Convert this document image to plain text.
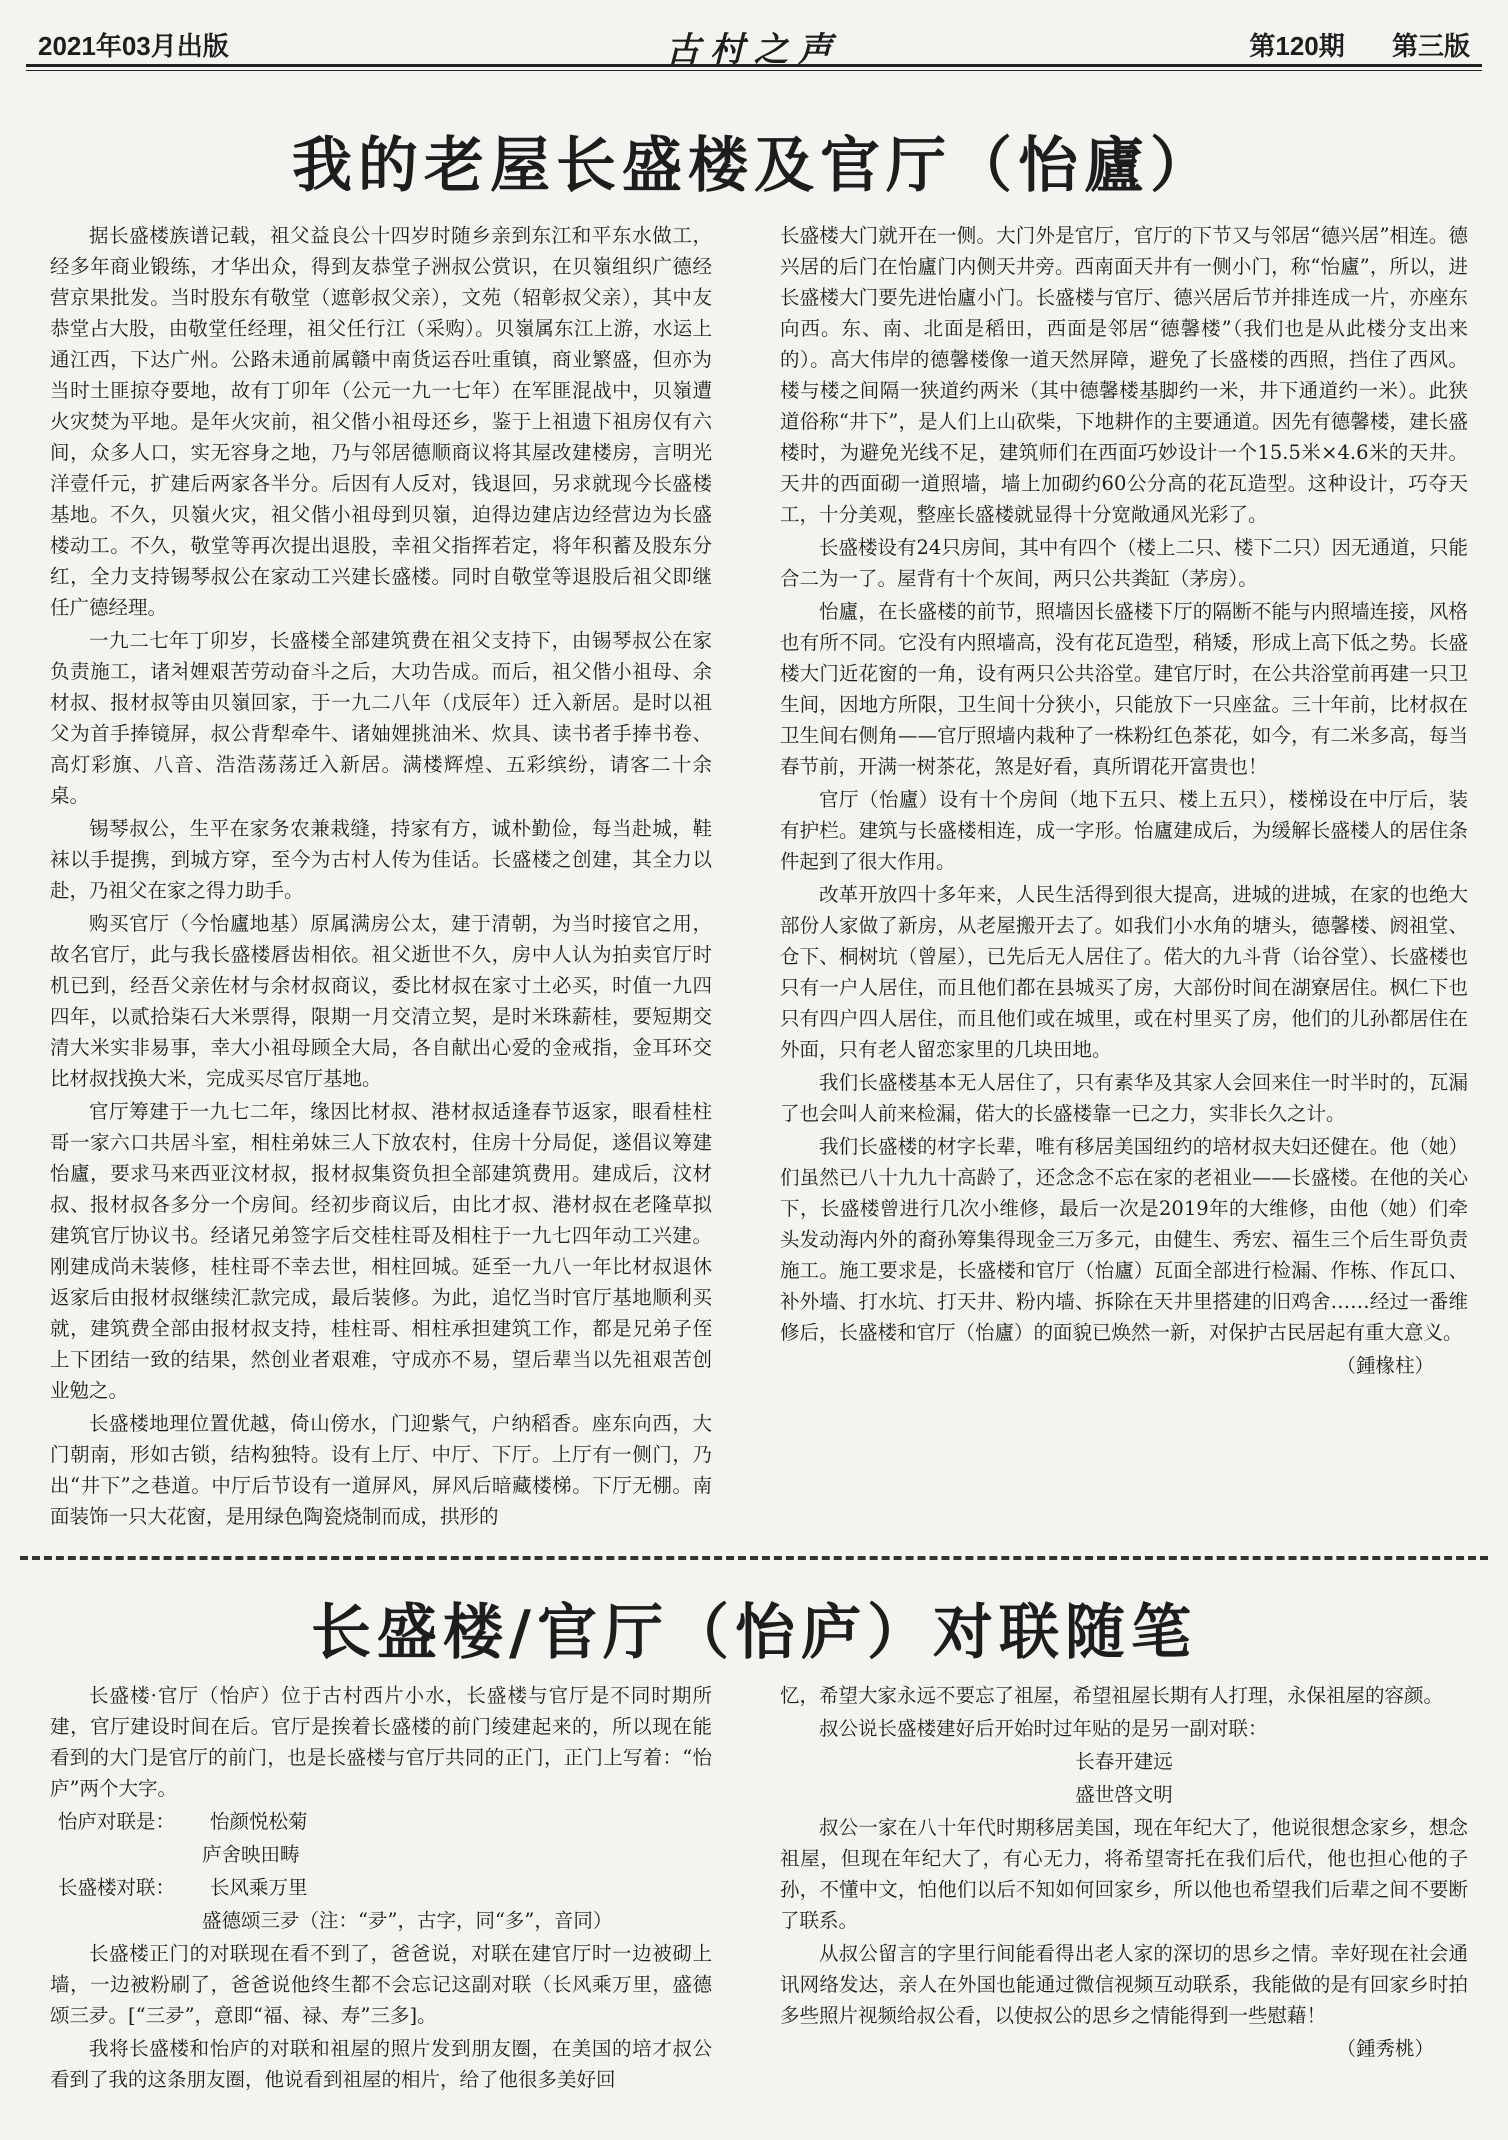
2021年03月出版	古村之声	第120期 第三版
我的老屋长盛楼及官厅（怡廬）

据长盛楼族谱记载，祖父益良公十四岁时随乡亲到东江和平东水做工，经多年商业锻练，才华出众，得到友恭堂子洲叔公赏识，在贝嶺组织广德经营京果批发。当时股东有敬堂（遮彰叔父亲），文苑（轺彰叔父亲），其中友恭堂占大股，由敬堂任经理，祖父任行江（采购）。贝嶺属东江上游，水运上通江西，下达广州。公路未通前属赣中南货运吞吐重镇，商业繁盛，但亦为当时土匪掠夺要地，故有丁卯年（公元一九一七年）在军匪混战中，贝嶺遭火灾焚为平地。是年火灾前，祖父偕小祖母还乡，鉴于上祖遗下祖房仅有六间，众多人口，实无容身之地，乃与邻居德顺商议将其屋改建楼房，言明光洋壹仟元，扩建后两家各半分。后因有人反对，钱退回，另求就现今长盛楼基地。不久，贝嶺火灾，祖父偕小祖母到贝嶺，迫得边建店边经营边为长盛楼动工。不久，敬堂等再次提出退股，幸祖父指挥若定，将年积蓄及股东分红，全力支持锡琴叔公在家动工兴建长盛楼。同时自敬堂等退股后祖父即继任广德经理。

一九二七年丁卯岁，长盛楼全部建筑费在祖父支持下，由锡琴叔公在家负责施工，诸쳐娌艰苦劳动奋斗之后，大功告成。而后，祖父偕小祖母、余材叔、报材叔等由贝嶺回家，于一九二八年（戊辰年）迁入新居。是时以祖父为首手捧镜屏，叔公背犁牵牛、诸妯娌挑油米、炊具、读书者手捧书卷、高灯彩旗、八音、浩浩荡荡迁入新居。满楼辉煌、五彩缤纷，请客二十余桌。

锡琴叔公，生平在家务农兼栽缝，持家有方，诚朴勤俭，每当赴城，鞋袜以手提携，到城方穿，至今为古村人传为佳话。长盛楼之创建，其全力以赴，乃祖父在家之得力助手。

购买官厅（今怡廬地基）原属满房公太，建于清朝，为当时接官之用，故名官厅，此与我长盛楼唇齿相依。祖父逝世不久，房中人认为拍卖官厅时机已到，经吾父亲佐材与余材叔商议，委比材叔在家寸土必买，时值一九四四年，以贰拾柒石大米票得，限期一月交清立契，是时米珠薪桂，要短期交清大米实非易事，幸大小祖母顾全大局，各自献出心爱的金戒指，金耳环交比材叔找换大米，完成买尽官厅基地。

官厅筹建于一九七二年，缘因比材叔、港材叔适逢春节返家，眼看桂柱哥一家六口共居斗室，相柱弟妹三人下放农村，住房十分局促，遂倡议筹建怡廬，要求马来西亚汶材叔，报材叔集资负担全部建筑费用。建成后，汶材叔、报材叔各多分一个房间。经初步商议后，由比才叔、港材叔在老隆草拟建筑官厅协议书。经诸兄弟签字后交桂柱哥及相柱于一九七四年动工兴建。刚建成尚未装修，桂柱哥不幸去世，相柱回城。延至一九八一年比材叔退休返家后由报材叔继续汇款完成，最后装修。为此，追忆当时官厅基地顺利买就，建筑费全部由报材叔支持，桂柱哥、相柱承担建筑工作，都是兄弟子侄上下团结一致的结果，然创业者艰难，守成亦不易，望后辈当以先祖艰苦创业勉之。

长盛楼地理位置优越，倚山傍水，门迎紫气，户纳稻香。座东向西，大门朝南，形如古锁，结构独特。设有上厅、中厅、下厅。上厅有一侧门，乃出“井下”之巷道。中厅后节设有一道屏风，屏风后暗藏楼梯。下厅无棚。南面装饰一只大花窗，是用绿色陶瓷烧制而成，拱形的

长盛楼大门就开在一侧。大门外是官厅，官厅的下节又与邻居“德兴居”相连。德兴居的后门在怡廬门内侧天井旁。西南面天井有一侧小门，称“怡廬”，所以，进长盛楼大门要先进怡廬小门。长盛楼与官厅、德兴居后节并排连成一片，亦座东向西。东、南、北面是稻田，西面是邻居“德馨楼”（我们也是从此楼分支出来的）。高大伟岸的德馨楼像一道天然屏障，避免了长盛楼的西照，挡住了西风。楼与楼之间隔一狭道约两米（其中德馨楼基脚约一米，井下通道约一米）。此狭道俗称“井下”，是人们上山砍柴，下地耕作的主要通道。因先有德馨楼，建长盛楼时，为避免光线不足，建筑师们在西面巧妙设计一个15.5米×4.6米的天井。天井的西面砌一道照墙，墙上加砌约60公分高的花瓦造型。这种设计，巧夺天工，十分美观，整座长盛楼就显得十分宽敞通风光彩了。

长盛楼设有24只房间，其中有四个（楼上二只、楼下二只）因无通道，只能合二为一了。屋背有十个灰间，两只公共粪缸（茅房）。

怡廬，在长盛楼的前节，照墙因长盛楼下厅的隔断不能与内照墙连接，风格也有所不同。它没有内照墙高，没有花瓦造型，稍矮，形成上高下低之势。长盛楼大门近花窗的一角，设有两只公共浴堂。建官厅时，在公共浴堂前再建一只卫生间，因地方所限，卫生间十分狭小，只能放下一只座盆。三十年前，比材叔在卫生间右侧角——官厅照墙内栽种了一株粉红色茶花，如今，有二米多高，每当春节前，开满一树茶花，煞是好看，真所谓花开富贵也！

官厅（怡廬）设有十个房间（地下五只、楼上五只），楼梯设在中厅后，装有护栏。建筑与长盛楼相连，成一字形。怡廬建成后，为缓解长盛楼人的居住条件起到了很大作用。

改革开放四十多年来，人民生活得到很大提高，进城的进城，在家的也绝大部份人家做了新房，从老屋搬开去了。如我们小水角的塘头，德馨楼、阏祖堂、仓下、桐树坑（曾屋），已先后无人居住了。偌大的九斗背（诒谷堂）、长盛楼也只有一户人居住，而且他们都在县城买了房，大部份时间在湖寮居住。枫仁下也只有四户四人居住，而且他们或在城里，或在村里买了房，他们的儿孙都居住在外面，只有老人留恋家里的几块田地。

我们长盛楼基本无人居住了，只有素华及其家人会回来住一时半时的，瓦漏了也会叫人前来检漏，偌大的长盛楼靠一已之力，实非长久之计。

我们长盛楼的材字长辈，唯有移居美国纽约的培材叔夫妇还健在。他（她）们虽然已八十九九十高龄了，还念念不忘在家的老祖业——长盛楼。在他的关心下，长盛楼曾进行几次小维修，最后一次是2019年的大维修，由他（她）们牵头发动海内外的裔孙筹集得现金三万多元，由健生、秀宏、福生三个后生哥负责施工。施工要求是，长盛楼和官厅（怡廬）瓦面全部进行检漏、作栋、作瓦口、补外墙、打水坑、打天井、粉内墙、拆除在天井里搭建的旧鸡舍……经过一番维修后，长盛楼和官厅（怡廬）的面貌已焕然一新，对保护古民居起有重大意义。

（鍾椽柱）

长盛楼/官厅（怡庐）对联随笔

长盛楼·官厅（怡庐）位于古村西片小水，长盛楼与官厅是不同时期所建，官厅建设时间在后。官厅是挨着长盛楼的前门绫建起来的，所以现在能看到的大门是官厅的前门，也是长盛楼与官厅共同的正门，正门上写着：“怡庐”两个大字。

怡庐对联是： 怡颜悦松菊

庐舍映田畴

长盛楼对联： 长风乘万里

盛德颂三夛（注：“夛”，古字，同“多”，音同）

长盛楼正门的对联现在看不到了，爸爸说，对联在建官厅时一边被砌上墙，一边被粉刷了，爸爸说他终生都不会忘记这副对联（长风乘万里，盛德颂三夛。[“三夛”，意即“福、禄、寿”三多]。

我将长盛楼和怡庐的对联和祖屋的照片发到朋友圈，在美国的培才叔公看到了我的这条朋友圈，他说看到祖屋的相片，给了他很多美好回

忆，希望大家永远不要忘了祖屋，希望祖屋长期有人打理，永保祖屋的容颜。

叔公说长盛楼建好后开始时过年贴的是另一副对联：

长春开建远

盛世啓文明

叔公一家在八十年代时期移居美国，现在年纪大了，他说很想念家乡，想念祖屋，但现在年纪大了，有心无力，将希望寄托在我们后代，他也担心他的子孙，不懂中文，怕他们以后不知如何回家乡，所以他也希望我们后辈之间不要断了联系。

从叔公留言的字里行间能看得出老人家的深切的思乡之情。幸好现在社会通讯网络发达，亲人在外国也能通过微信视频互动联系，我能做的是有回家乡时拍多些照片视频给叔公看，以使叔公的思乡之情能得到一些慰藉！

（鍾秀桃）
